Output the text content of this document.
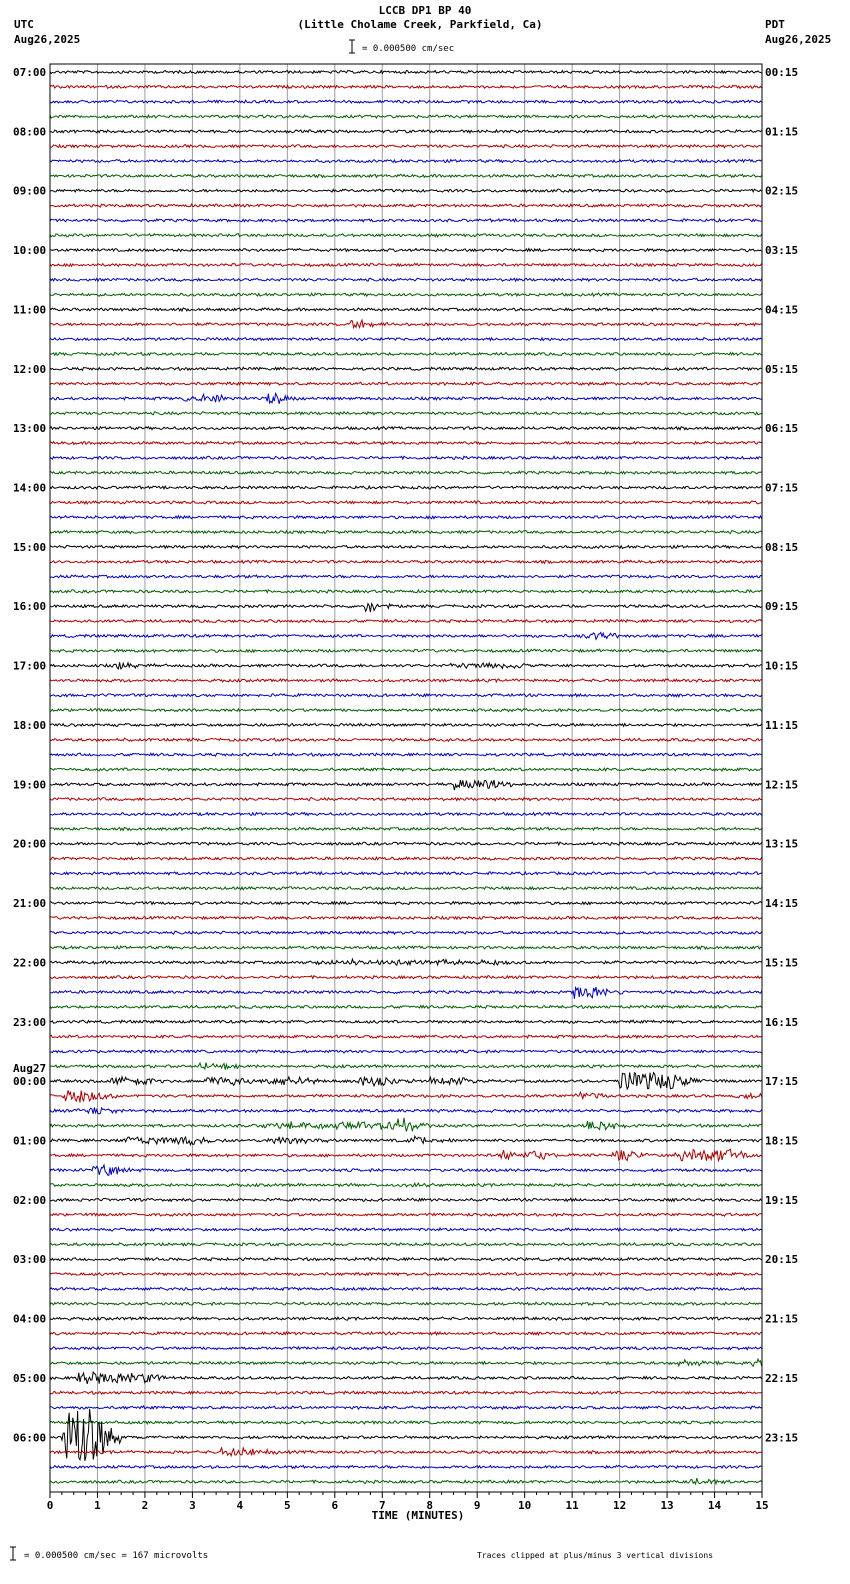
LCCB DP1 BP 40
(Little Cholame Creek, Parkfield, Ca)
UTC
Aug26,2025
PDT
Aug26,2025
= 0.000500 cm/sec
0	1	2	3	4	5	6	7	8	9	10	11	12	13	14	15
07:00	00:15
08:00	01:15
09:00	02:15
10:00	03:15
11:00	04:15
12:00	05:15
13:00	06:15
14:00	07:15
15:00	08:15
16:00	09:15
17:00	10:15
18:00	11:15
19:00	12:15
20:00	13:15
21:00	14:15
22:00	15:15
23:00	16:15
00:00	17:15
Aug27
01:00	18:15
02:00	19:15
03:00	20:15
04:00	21:15
05:00	22:15
06:00	23:15
TIME (MINUTES)
= 0.000500 cm/sec = 167 microvolts	Traces clipped at plus/minus 3 vertical divisions
